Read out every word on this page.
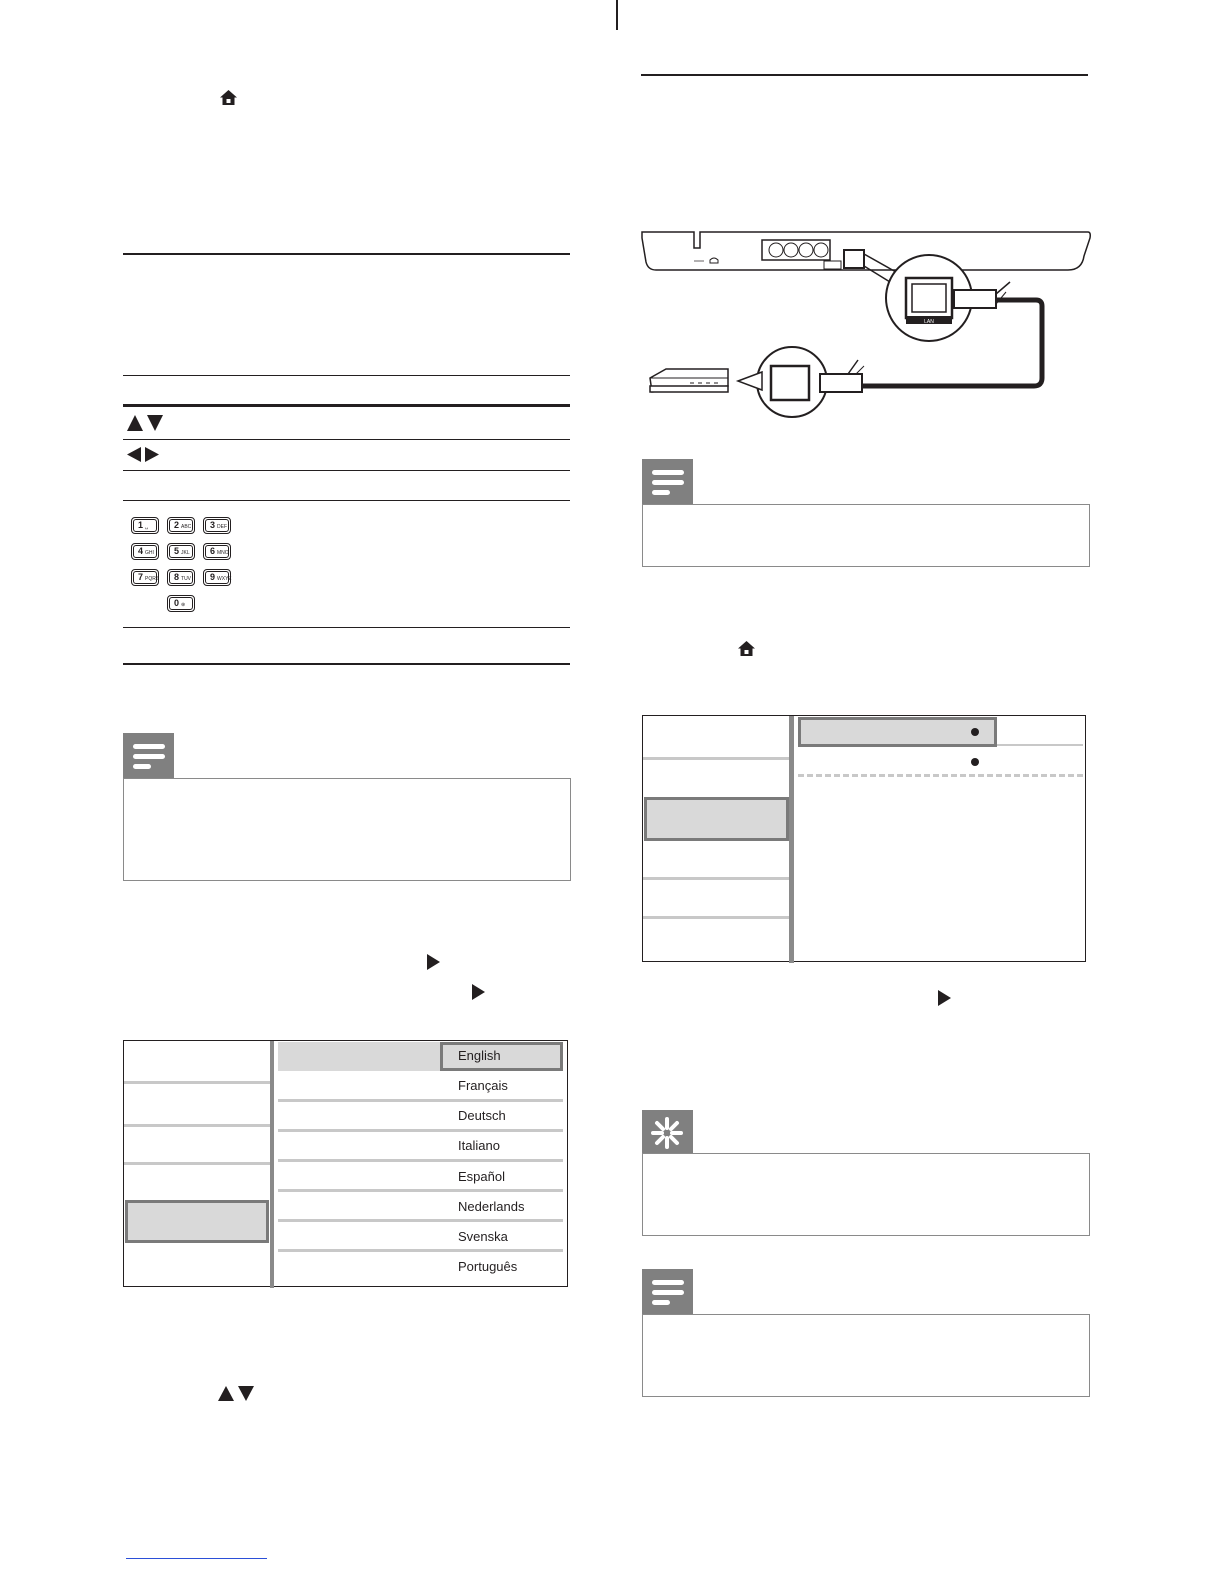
1 ␣	2 ABC	3 DEF
4 GHI	5 JKL	6 MNO
7 PQRS	8 TUV	9 WXYZ
0 ⊛
English
Français
Deutsch
Italiano
Español
Nederlands
Svenska
Português
LAN
